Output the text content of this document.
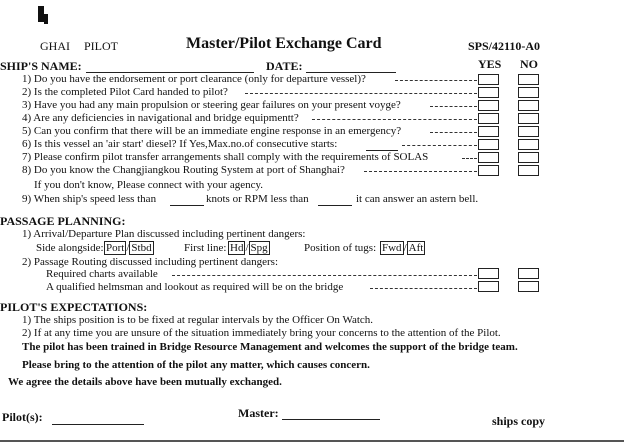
GHAI PILOT	Master/Pilot Exchange Card	SPS/42110-A0
SHIP'S NAME:	DATE:	YES NO
1) Do you have the endorsement or port clearance (only for departure vessel)?
2) Is the completed Pilot Card handed to pilot?
3) Have you had any main propulsion or steering gear failures on your present voyge?
4) Are any deficiencies in navigational and bridge equipmentt?
5) Can you confirm that there will be an immediate engine response in an emergency?
6) Is this vessel an 'air start' diesel? If Yes,Max.no.of consecutive starts:
7) Please confirm pilot transfer arrangements shall comply with the requirements of SOLAS
8) Do you know the Changjiangkou Routing System at port of Shanghai?
If you don't know, Please connect with your agency.
9) When ship's speed less than	knots or RPM less than	it can answer an astern bell.
PASSAGE PLANNING:
1) Arrival/Departure Plan discussed including pertinent dangers:
Side alongside: Port / Stbd	First line: Hd / Spg	Position of tugs: Fwd / Aft
2) Passage Routing discussed including pertinent dangers:
Required charts available
A qualified helmsman and lookout as required will be on the bridge
PILOT'S EXPECTATIONS:
1) The ships position is to be fixed at regular intervals by the Officer On Watch.
2) If at any time you are unsure of the situation immediately bring your concerns to the attention of the Pilot.
The pilot has been trained in Bridge Resource Management and welcomes the support of the bridge team.
Please bring to the attention of the pilot any matter, which causes concern.
We agree the details above have been mutually exchanged.
Pilot(s):	Master:
ships copy
